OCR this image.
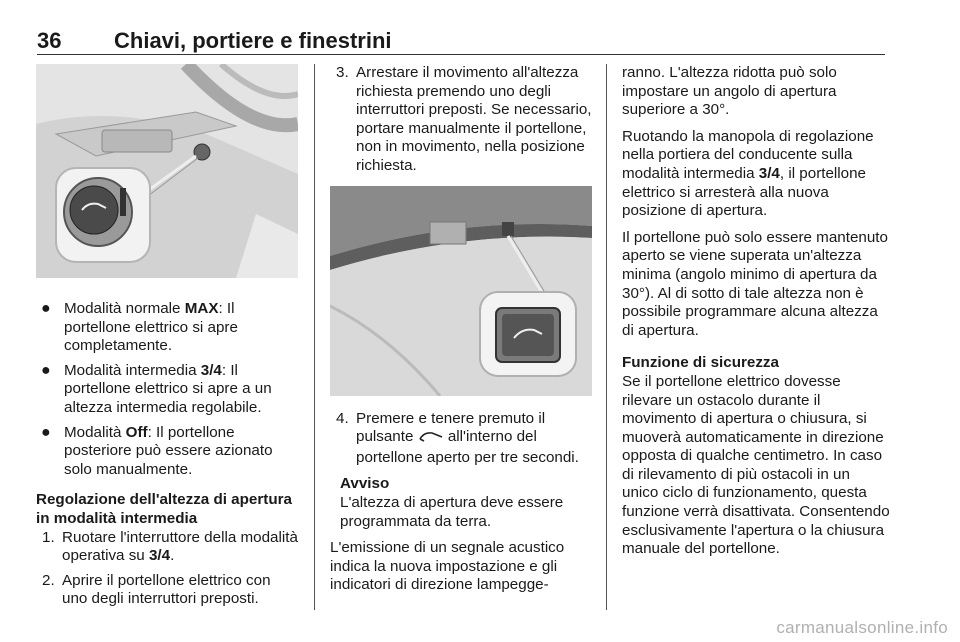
36 Chiavi, portiere e finestrini
● Modalità normale MAX: Il portellone elettrico si apre completamente.
● Modalità intermedia 3/4: Il portellone elettrico si apre a un altezza intermedia regolabile.
● Modalità Off: Il portellone posteriore può essere azionato solo manualmente.

Regolazione dell'altezza di apertura in modalità intermedia

1. Ruotare l'interruttore della modalità operativa su 3/4.
2. Aprire il portellone elettrico con uno degli interruttori preposti.
3. Arrestare il movimento all'altezza richiesta premendo uno degli interruttori preposti. Se necessario, portare manualmente il portellone, non in movimento, nella posizione richiesta.
4. Premere e tenere premuto il pulsante  all'interno del portellone aperto per tre secondi.

Avviso

L'altezza di apertura deve essere programmata da terra.

L'emissione di un segnale acustico indica la nuova impostazione e gli indicatori di direzione lampegge-

ranno. L'altezza ridotta può solo impostare un angolo di apertura superiore a 30°.

Ruotando la manopola di regolazione nella portiera del conducente sulla modalità intermedia 3/4, il portellone elettrico si arresterà alla nuova posizione di apertura.

Il portellone può solo essere mantenuto aperto se viene superata un'altezza minima (angolo minimo di apertura da 30°). Al di sotto di tale altezza non è possibile programmare alcuna altezza di apertura.

Funzione di sicurezza

Se il portellone elettrico dovesse rilevare un ostacolo durante il movimento di apertura o chiusura, si muoverà automaticamente in direzione opposta di qualche centimetro. In caso di rilevamento di più ostacoli in un unico ciclo di funzionamento, questa funzione verrà disattivata. Consentendo esclusivamente l'apertura o la chiusura manuale del portellone.

carmanualsonline.info
